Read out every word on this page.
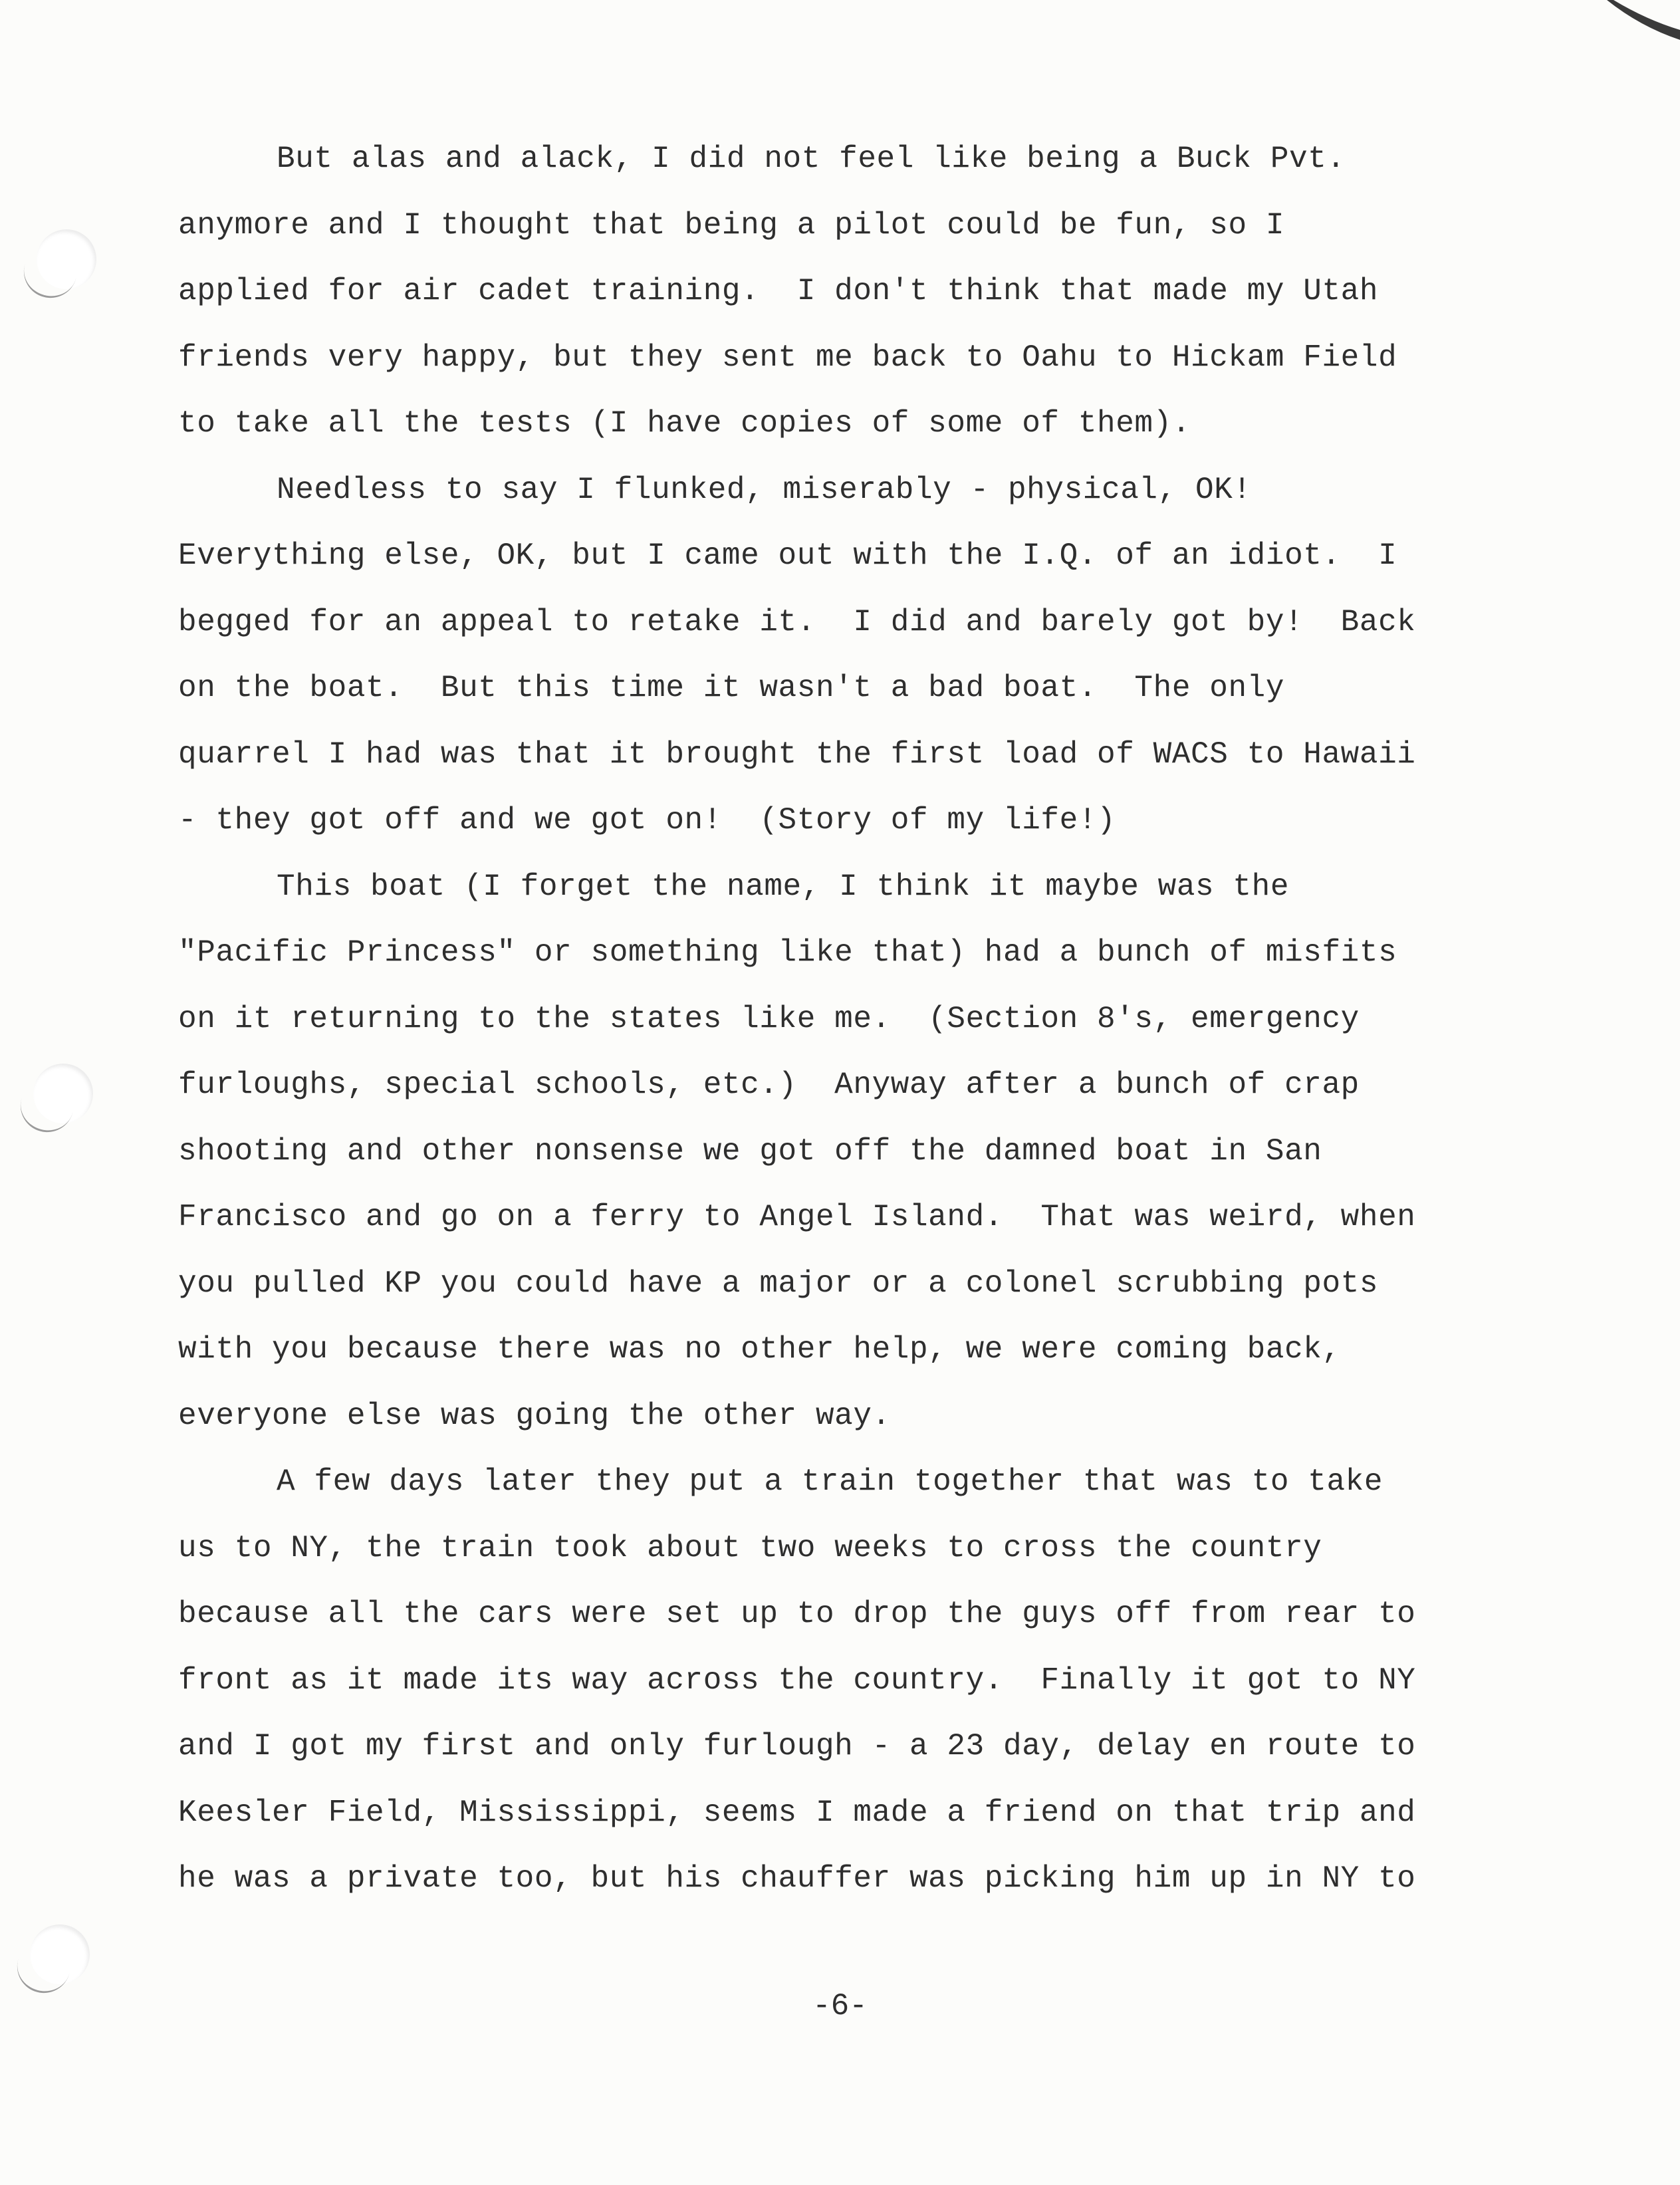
But alas and alack, I did not feel like being a Buck Pvt.
anymore and I thought that being a pilot could be fun, so I
applied for air cadet training.  I don't think that made my Utah
friends very happy, but they sent me back to Oahu to Hickam Field
to take all the tests (I have copies of some of them).
Needless to say I flunked, miserably - physical, OK!
Everything else, OK, but I came out with the I.Q. of an idiot.  I
begged for an appeal to retake it.  I did and barely got by!  Back
on the boat.  But this time it wasn't a bad boat.  The only
quarrel I had was that it brought the first load of WACS to Hawaii
- they got off and we got on!  (Story of my life!)
This boat (I forget the name, I think it maybe was the
"Pacific Princess" or something like that) had a bunch of misfits
on it returning to the states like me.  (Section 8's, emergency
furloughs, special schools, etc.)  Anyway after a bunch of crap
shooting and other nonsense we got off the damned boat in San
Francisco and go on a ferry to Angel Island.  That was weird, when
you pulled KP you could have a major or a colonel scrubbing pots
with you because there was no other help, we were coming back,
everyone else was going the other way.
A few days later they put a train together that was to take
us to NY, the train took about two weeks to cross the country
because all the cars were set up to drop the guys off from rear to
front as it made its way across the country.  Finally it got to NY
and I got my first and only furlough - a 23 day, delay en route to
Keesler Field, Mississippi, seems I made a friend on that trip and
he was a private too, but his chauffer was picking him up in NY to
-6-
